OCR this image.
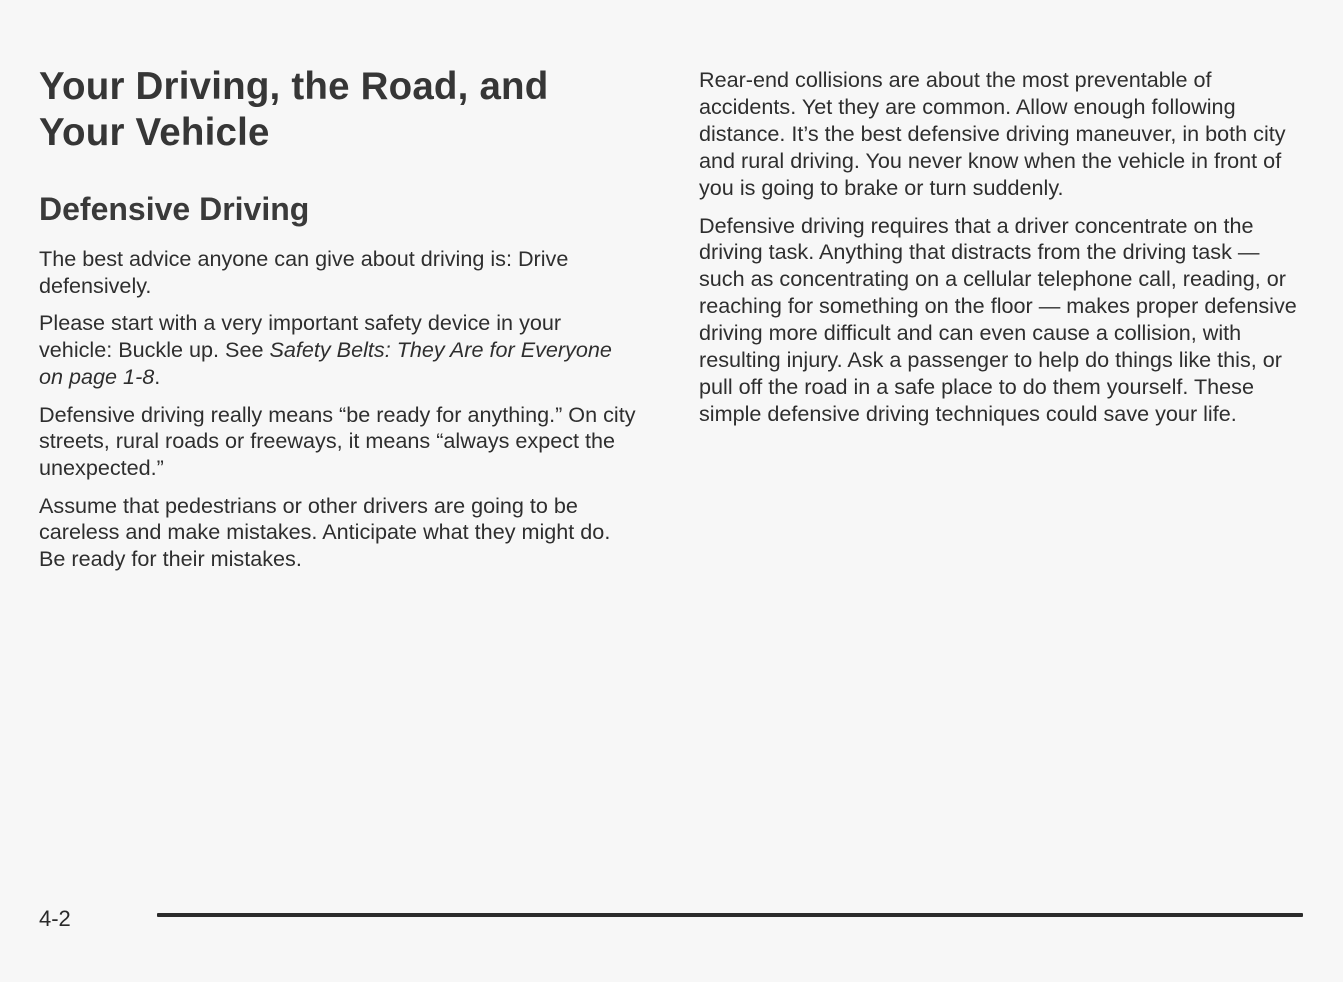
Your Driving, the Road, and
Your Vehicle
Defensive Driving

The best advice anyone can give about driving is: Drive defensively.

Please start with a very important safety device in your vehicle: Buckle up. See Safety Belts: They Are for Everyone on page 1-8.

Defensive driving really means “be ready for anything.” On city streets, rural roads or freeways, it means “always expect the unexpected.”

Assume that pedestrians or other drivers are going to be careless and make mistakes. Anticipate what they might do. Be ready for their mistakes.

Rear-end collisions are about the most preventable of accidents. Yet they are common. Allow enough following distance. It’s the best defensive driving maneuver, in both city and rural driving. You never know when the vehicle in front of you is going to brake or turn suddenly.

Defensive driving requires that a driver concentrate on the driving task. Anything that distracts from the driving task — such as concentrating on a cellular telephone call, reading, or reaching for something on the floor — makes proper defensive driving more difficult and can even cause a collision, with resulting injury. Ask a passenger to help do things like this, or pull off the road in a safe place to do them yourself. These simple defensive driving techniques could save your life.

4-2
